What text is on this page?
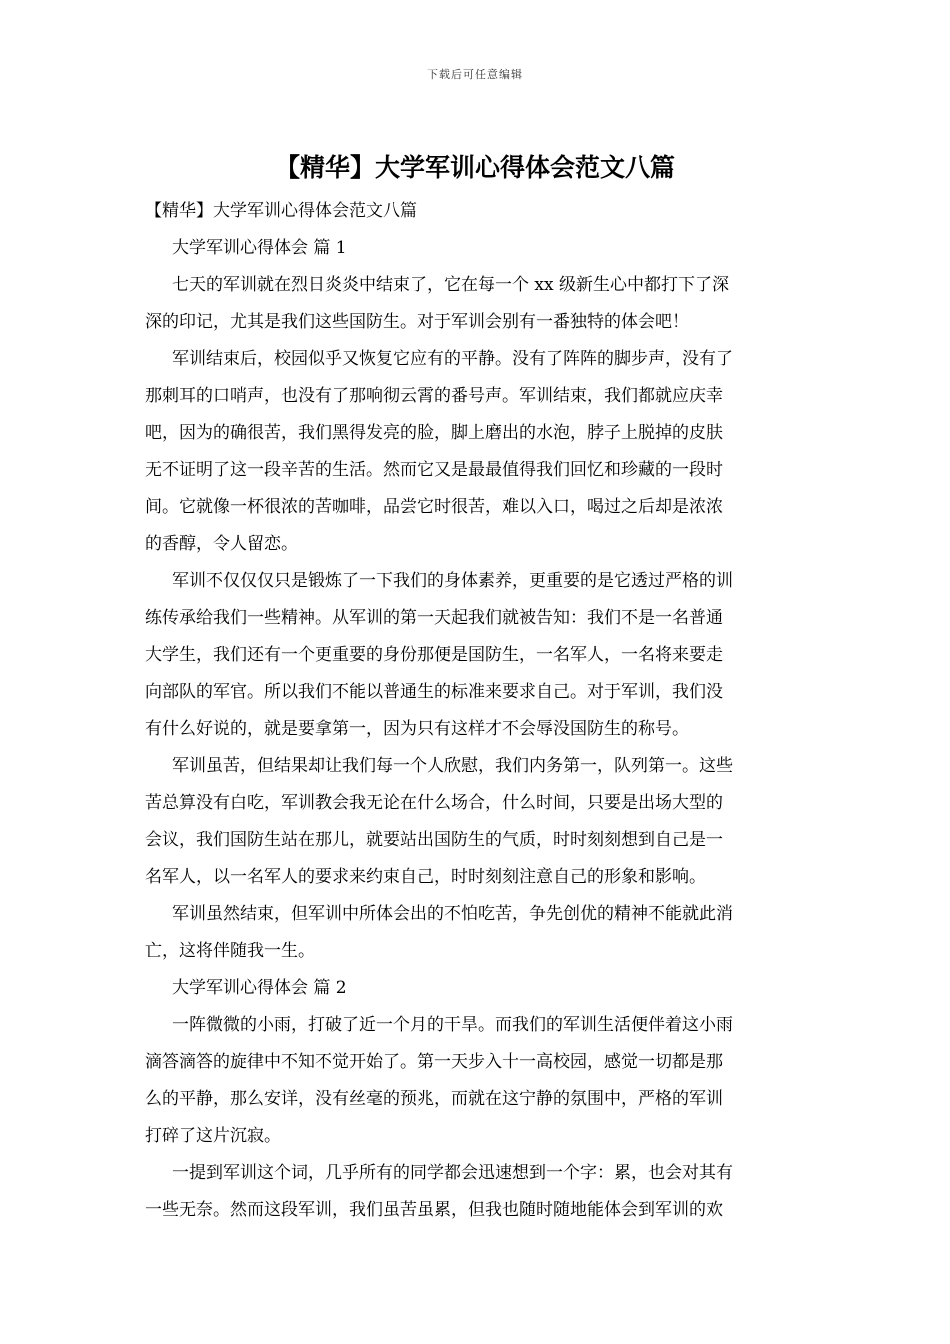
下载后可任意编辑
【精华】大学军训心得体会范文八篇
【精华】大学军训心得体会范文八篇
大学军训心得体会 篇 1
七天的军训就在烈日炎炎中结束了，它在每一个 xx 级新生心中都打下了深
深的印记，尤其是我们这些国防生。对于军训会别有一番独特的体会吧！
军训结束后，校园似乎又恢复它应有的平静。没有了阵阵的脚步声，没有了
那刺耳的口哨声，也没有了那响彻云霄的番号声。军训结束，我们都就应庆幸
吧，因为的确很苦，我们黑得发亮的脸，脚上磨出的水泡，脖子上脱掉的皮肤
无不证明了这一段辛苦的生活。然而它又是最最值得我们回忆和珍藏的一段时
间。它就像一杯很浓的苦咖啡，品尝它时很苦，难以入口，喝过之后却是浓浓
的香醇，令人留恋。
军训不仅仅仅只是锻炼了一下我们的身体素养，更重要的是它透过严格的训
练传承给我们一些精神。从军训的第一天起我们就被告知：我们不是一名普通
大学生，我们还有一个更重要的身份那便是国防生，一名军人，一名将来要走
向部队的军官。所以我们不能以普通生的标准来要求自己。对于军训，我们没
有什么好说的，就是要拿第一，因为只有这样才不会辱没国防生的称号。
军训虽苦，但结果却让我们每一个人欣慰，我们内务第一，队列第一。这些
苦总算没有白吃，军训教会我无论在什么场合，什么时间，只要是出场大型的
会议，我们国防生站在那儿，就要站出国防生的气质，时时刻刻想到自己是一
名军人，以一名军人的要求来约束自己，时时刻刻注意自己的形象和影响。
军训虽然结束，但军训中所体会出的不怕吃苦，争先创优的精神不能就此消
亡，这将伴随我一生。
大学军训心得体会 篇 2
一阵微微的小雨，打破了近一个月的干旱。而我们的军训生活便伴着这小雨
滴答滴答的旋律中不知不觉开始了。第一天步入十一高校园，感觉一切都是那
么的平静，那么安详，没有丝毫的预兆，而就在这宁静的氛围中，严格的军训
打碎了这片沉寂。
一提到军训这个词，几乎所有的同学都会迅速想到一个字：累，也会对其有
一些无奈。然而这段军训，我们虽苦虽累，但我也随时随地能体会到军训的欢
